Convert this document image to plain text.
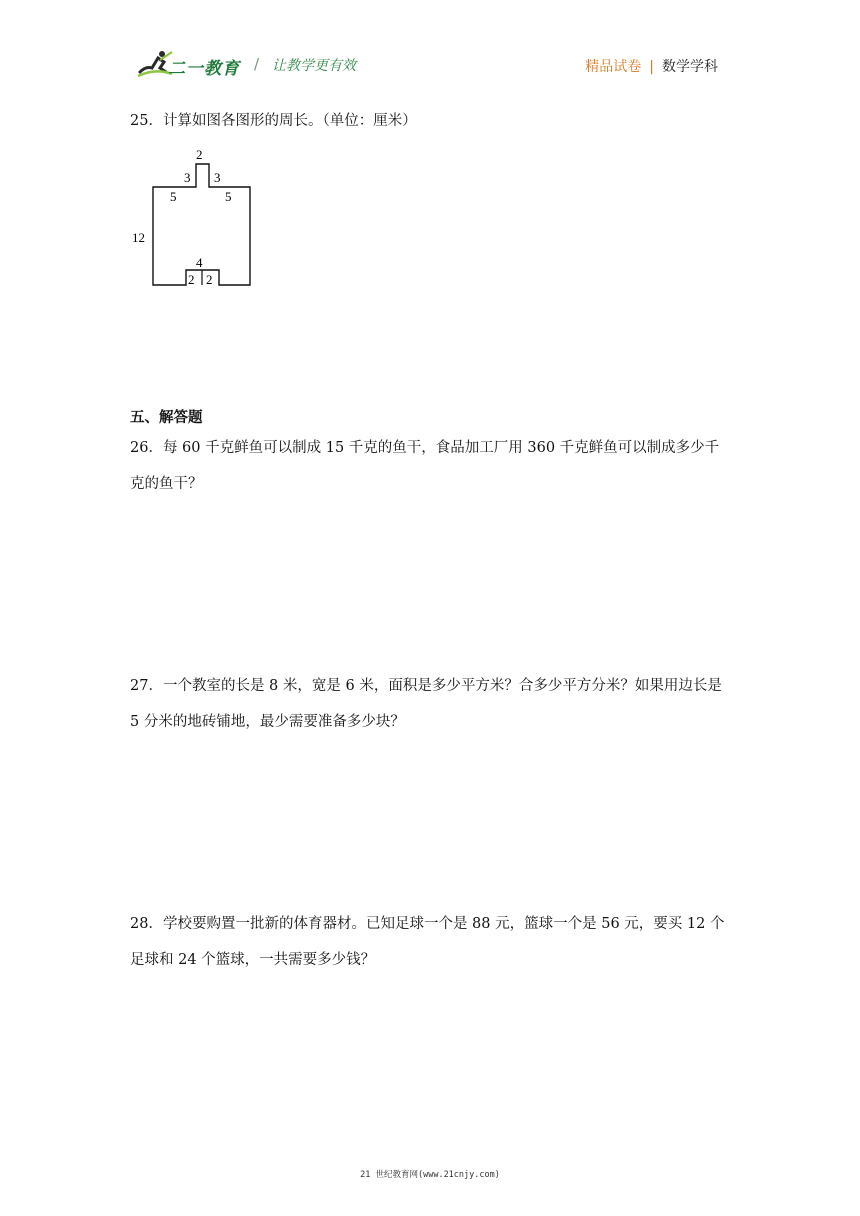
二一教育 / 让教学更有效	精品试卷 | 数学学科
25．计算如图各图形的周长。（单位：厘米）
2
3 3
5	5
12
4
2 2
五、解答题
26．每 60 千克鲜鱼可以制成 15 千克的鱼干，食品加工厂用 360 千克鲜鱼可以制成多少千克的鱼干？
27．一个教室的长是 8 米，宽是 6 米，面积是多少平方米？合多少平方分米？如果用边长是 5 分米的地砖铺地，最少需要准备多少块？
28．学校要购置一批新的体育器材。已知足球一个是 88 元，篮球一个是 56 元，要买 12 个足球和 24 个篮球，一共需要多少钱？
21 世纪教育网(www.21cnjy.com)
